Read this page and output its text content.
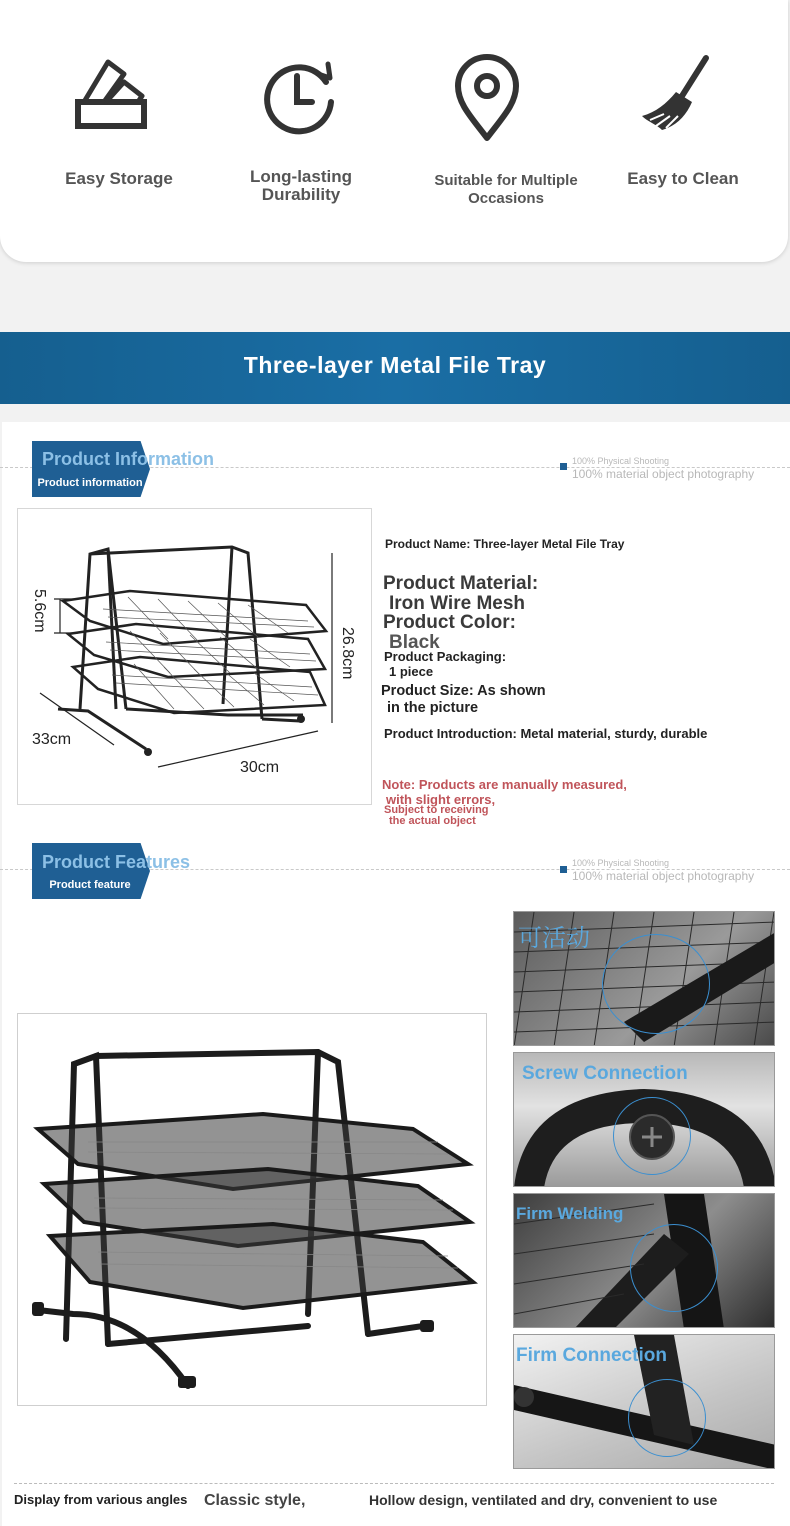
Easy Storage	Long-lasting
Durability
Suitable for Multiple
Occasions
Easy to Clean
Three-layer Metal File Tray
Product Information
Product information
100% Physical Shooting
100% material object photography
26.8cm
5.6cm
33cm
30cm
Product Name: Three-layer Metal File Tray
Product Material:
Iron Wire Mesh
Product Color:
Black
Product Packaging:
1 piece
Product Size: As shown
in the picture
Product Introduction: Metal material, sturdy, durable
Note: Products are manually measured,
with slight errors,
Subject to receiving
the actual object
Product Features
Product feature
100% Physical Shooting
100% material object photography
可活动
Screw Connection
Firm Welding
Firm Connection
Display from various angles Classic style,	Hollow design, ventilated and dry, convenient to use
